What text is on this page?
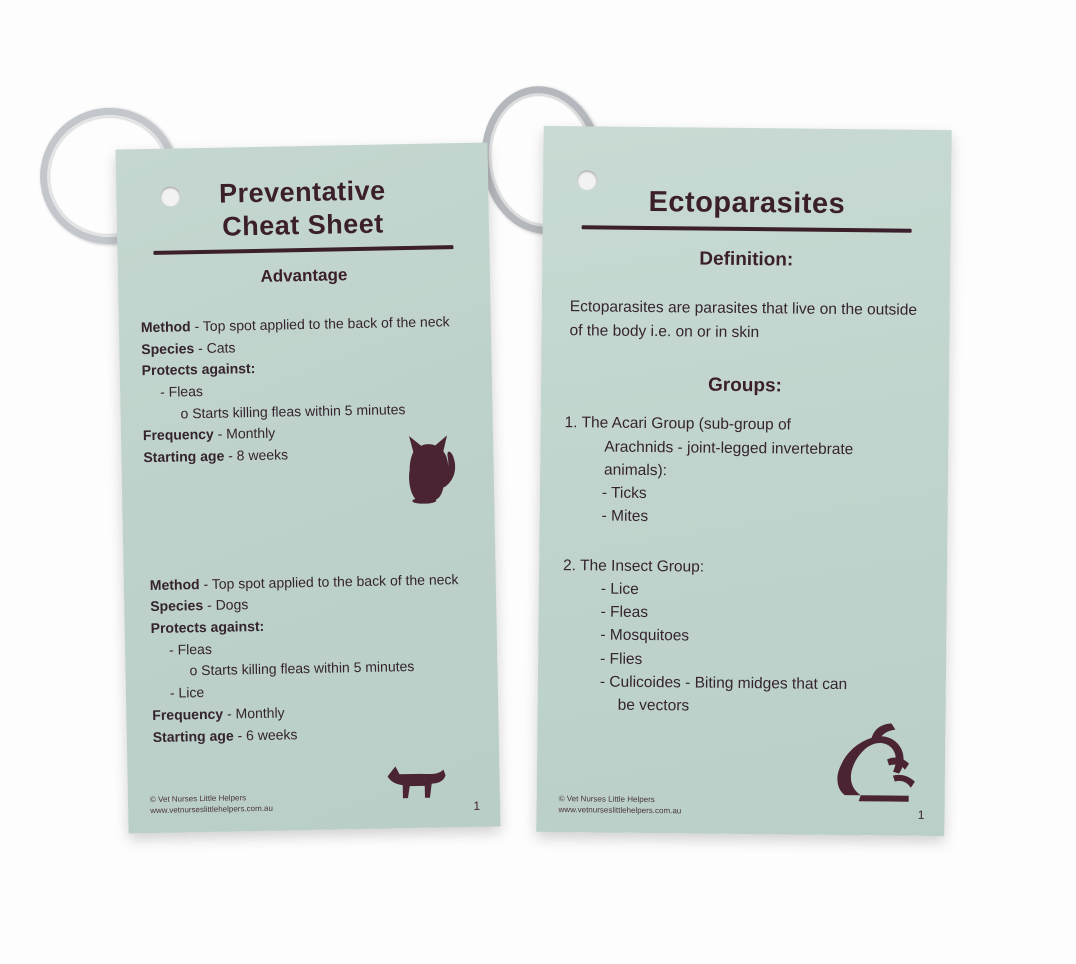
Preventative
Cheat Sheet
Advantage
Method - Top spot applied to the back of the neck
Species - Cats
Protects against:
- Fleas
o Starts killing fleas within 5 minutes
Frequency - Monthly
Starting age - 8 weeks
Method - Top spot applied to the back of the neck
Species - Dogs
Protects against:
- Fleas
o Starts killing fleas within 5 minutes
- Lice
Frequency - Monthly
Starting age - 6 weeks
© Vet Nurses Little Helpers
www.vetnurseslittlehelpers.com.au	1
Ectoparasites
Definition:
Ectoparasites are parasites that live on the outside of the body i.e. on or in skin
Groups:
1. The Acari Group (sub-group of
Arachnids - joint-legged invertebrate
animals):
- Ticks
- Mites
2. The Insect Group:
- Lice
- Fleas
- Mosquitoes
- Flies
- Culicoides - Biting midges that can
be vectors
© Vet Nurses Little Helpers
www.vetnurseslittlehelpers.com.au	1
